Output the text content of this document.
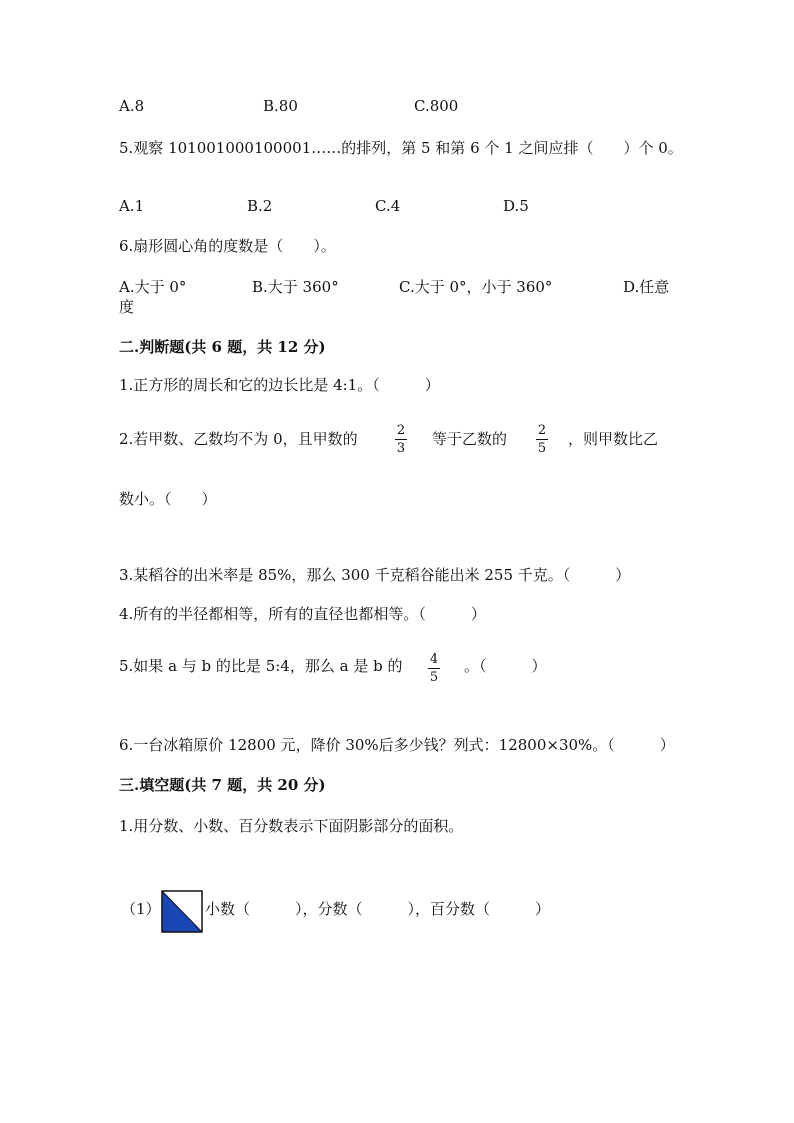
A.8	B.80	C.800
5.观察 101001000100001……的排列，第 5 和第 6 个 1 之间应排（　　）个 0。
A.1	B.2	C.4	D.5
6.扇形圆心角的度数是（　　）。
A.大于 0°	B.大于 360°	C.大于 0°，小于 360°	D.任意
度
二.判断题(共 6 题，共 12 分)
1.正方形的周长和它的边长比是 4:1。（　　　）
2.若甲数、乙数均不为 0，且甲数的	2
3
等于乙数的 2
5
，则甲数比乙
数小。（　　）
3.某稻谷的出米率是 85%，那么 300 千克稻谷能出米 255 千克。（　　　）
4.所有的半径都相等，所有的直径也都相等。（　　　）
5.如果 a 与 b 的比是 5:4，那么 a 是 b 的 4
5
。（　　　）
6.一台冰箱原价 12800 元，降价 30%后多少钱？列式：12800×30%。（　　　）
三.填空题(共 7 题，共 20 分)
1.用分数、小数、百分数表示下面阴影部分的面积。
（1）	小数（　　　），分数（　　　），百分数（　　　）
